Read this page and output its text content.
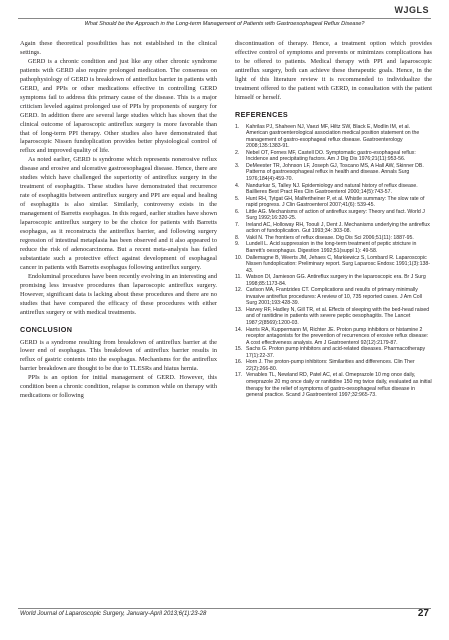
WJGLS
What Should be the Approach in the Long-term Management of Patients with Gastroesophageal Reflux Disease?

Again these theoretical possibilities has not established in the clinical settings.

GERD is a chronic condition and just like any other chronic syndrome patients with GERD also require prolonged medication. The consensus on pathophysiology of GERD is breakdown of antireflux barrier in patients with GERD, and PPIs or other medications effective in controlling GERD symptoms fail to address this primary cause of the disease. This is a major criticism leveled against prolonged use of PPIs by proponents of surgery for GERD. In addition there are several large studies which has shown that the clinical outcome of laparoscopic antireflux surgery is more favorable than that of long-term PPI therapy. Other studies also have demonstrated that laparoscopic Nissen fundoplication provides better physiological control of reflux and improved quality of life.

As noted earlier, GERD is syndrome which represents nonerosive reflux disease and erosive and ulcerative gastroesophageal disease. Hence, there are studies which have challenged the superiority of antireflux surgery in the treatment of esophagitis. These studies have demonstrated that recurrence rate of esophagitis between antireflux surgery and PPI are equal and healing of esophagitis is also similar. Similarly, controversy exists in the management of Barretts esophagus. In this regard, earlier studies have shown laparoscopic antireflux surgery to be the choice for patients with Barretts esophagus, as it reconstructs the antireflux barrier, and following surgery regression of intestinal metaplasia has been observed and it also appeared to reduce the risk of adenocarcinoma. But a recent meta-analysis has failed substantiate such a protective effect against development of esophageal cancer in patients with Barretts esophagus following antireflux surgery.

Endoluminal procedures have been recently evolving in an interesting and promising less invasive procedures than laparoscopic antireflux surgery. However, significant data is lacking about these procedures and there are no studies that have compared the efficacy of these procedures with either antireflux surgery or with medical treatments.

CONCLUSION

GERD is a syndrome resulting from breakdown of antireflux barrier at the lower end of esophagus. This breakdown of antireflux barrier results in reflux of gastric contents into the esophagus. Mechanisms for the antireflux barrier breakdown are thought to be due to TLESRs and hiatus hernia.

PPIs is an option for initial management of GERD. However, this condition been a chronic condition, relapse is common while on therapy with medications or following

discontinuation of therapy. Hence, a treatment option which provides effective control of symptoms and prevents or minimizes complications has to be offered to patients. Medical therapy with PPI and laparoscopic antireflux surgery, both can achieve these therapeutic goals. Hence, in the light of this literature review it is recommended to individualize the treatment offered to the patient with GERD, in consultation with the patient himself or herself.

REFERENCES
1. Kahrilas PJ, Shaheen NJ, Vaezi MF, Hiltz SW, Black E, Modlin IM, et al. American gastroenterological association medical position statement on the management of gastro-esophageal reflux disease. Gastroenterology 2008;135:1383-91.
2. Nebel OT, Fornes MF, Castell DO. Symptomatic gastro-esophageal reflux: Incidence and precipitating factors. Am J Dig Dis 1976;21(11):953-56.
3. DeMeester TR, Johnson LF, Joseph GJ, Toscano MS, A Hall AW, Skinner DB. Patterns of gastroesophageal reflux in health and disease. Annals Surg 1976;184(4):459-70.
4. Nandurkar S, Talley NJ. Epidemiology and natural history of reflux disease. Baillieres Best Pract Res Clin Gastroenterol 2000;14(5):743-57.
5. Hunt RH, Tytgat GH, Malfertheiner P, et al. Whistle summary: The slow rate of rapid progress. J Clin Gastroenterol 2007;41(6): 539-45.
6. Little AG. Mechanisms of action of antireflux surgery: Theory and fact. World J Surg 1992;16:320-25.
7. Ireland AC, Holloway RH, Toouli J, Dent J. Mechanisms underlying the antireflux action of fundoplication. Gut 1993;34: 303-08.
8. Vakil N. The frontiers of reflux disease. Dig Dis Sci 2006;51(11): 1887-95.
9. Lundell L. Acid suppression in the long-term treatment of peptic stricture in Barrett's oesophagus. Digestion 1992;51(suppl 1): 49-58.
10. Dallemagne B, Weerts JM, Jehaes C, Markiewicz S, Lombard R. Laparoscopic Nissen fundoplication: Preliminary report. Surg Laparosc Endosc 1991;1(3):138-43.
11. Watson DI, Jamieson GG. Antireflux surgery in the laparoscopic era. Br J Surg 1998;85:1173-84.
12. Carlson MA, Frantzides CT. Complications and results of primary minimally invasive antireflux procedures: A review of 10, 735 reported cases. J Am Coll Surg 2001;193:428-39.
13. Harvey RF, Hadley N, Gill TR, et al. Effects of sleeping with the bed-head raised and of ranitidine in patients with severe peptic oesophagitis. The Lancet 1987;2(8569):1200-03.
14. Harris RA, Kuppermann M, Richter JE. Proton pump inhibitors or histamine 2 receptor antagonists for the prevention of recurrences of erosive reflux disease: A cost effectiveness analysis. Am J Gastroenterol 92(12):2179-87.
15. Sachs G. Proton pump inhibitors and acid-related diseases. Pharmacotherapy 17(1):22-37.
16. Horn J. The proton-pump inhibitors: Similarities and differences. Clin Ther 22(2):266-80.
17. Venables TL, Newland RD, Patel AC, et al. Omeprazole 10 mg once daily, omeprazole 20 mg once daily or ranitidine 150 mg twice daily, evaluated as initial therapy for the relief of symptoms of gastro-oesophageal reflux disease in general practice. Scand J Gastroenterol 1997;32:965-73.
World Journal of Laparoscopic Surgery, January-April 2013;6(1):23-28	27
